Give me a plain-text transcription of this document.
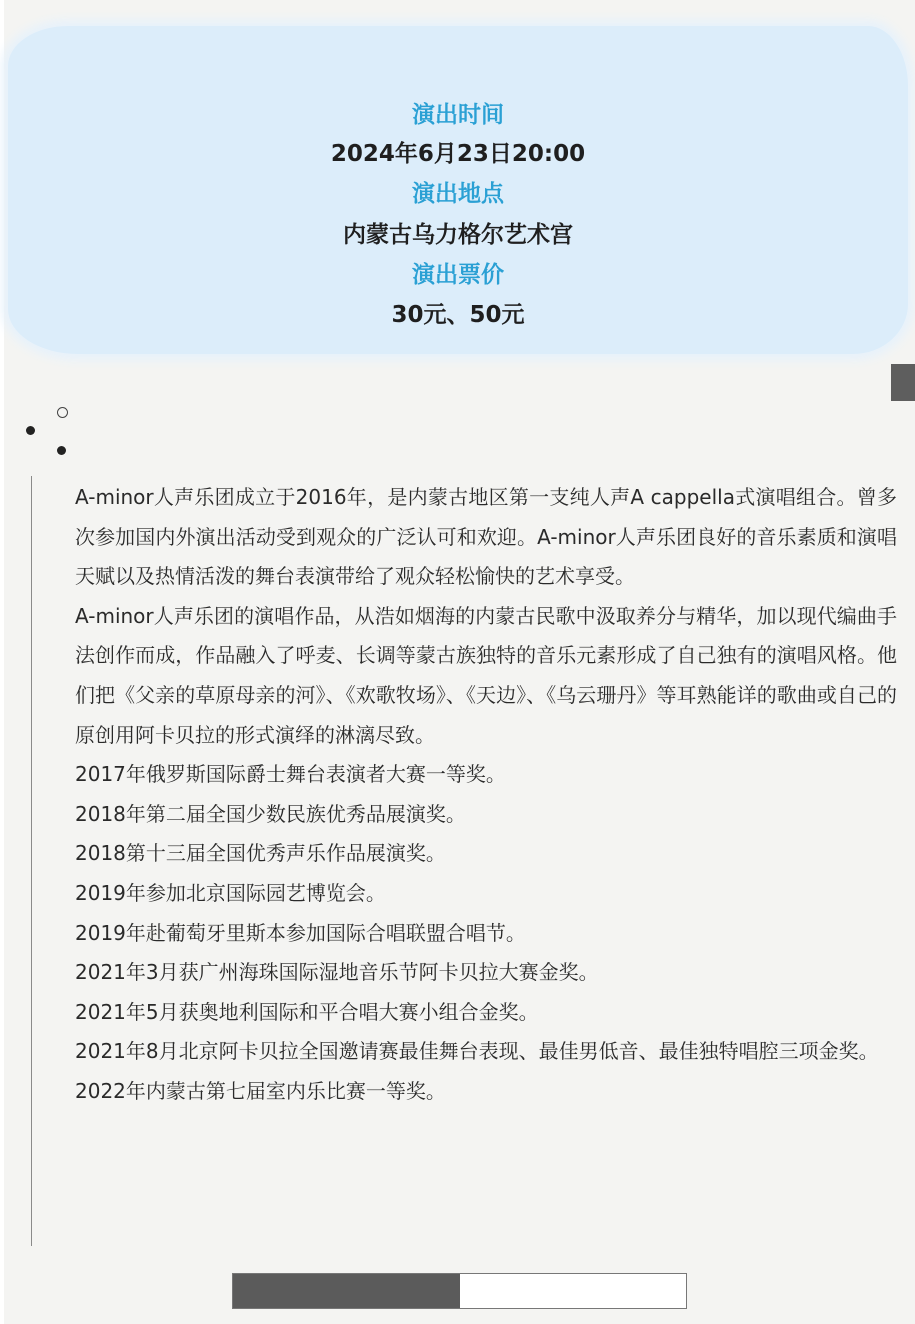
演出时间
2024年6月23日20:00
演出地点
内蒙古乌力格尔艺术宫
演出票价
30元、50元

A-minor人声乐团成立于2016年，是内蒙古地区第一支纯人声A cappella式演唱组合。曾多次参加国内外演出活动受到观众的广泛认可和欢迎。A-minor人声乐团良好的音乐素质和演唱天赋以及热情活泼的舞台表演带给了观众轻松愉快的艺术享受。

A-minor人声乐团的演唱作品，从浩如烟海的内蒙古民歌中汲取养分与精华，加以现代编曲手法创作而成，作品融入了呼麦、长调等蒙古族独特的音乐元素形成了自己独有的演唱风格。他们把《父亲的草原母亲的河》、《欢歌牧场》、《天边》、《乌云珊丹》等耳熟能详的歌曲或自己的原创用阿卡贝拉的形式演绎的淋漓尽致。

2017年俄罗斯国际爵士舞台表演者大赛一等奖。

2018年第二届全国少数民族优秀品展演奖。

2018第十三届全国优秀声乐作品展演奖。

2019年参加北京国际园艺博览会。

2019年赴葡萄牙里斯本参加国际合唱联盟合唱节。

2021年3月获广州海珠国际湿地音乐节阿卡贝拉大赛金奖。

2021年5月获奥地利国际和平合唱大赛小组合金奖。

2021年8月北京阿卡贝拉全国邀请赛最佳舞台表现、最佳男低音、最佳独特唱腔三项金奖。

2022年内蒙古第七届室内乐比赛一等奖。
